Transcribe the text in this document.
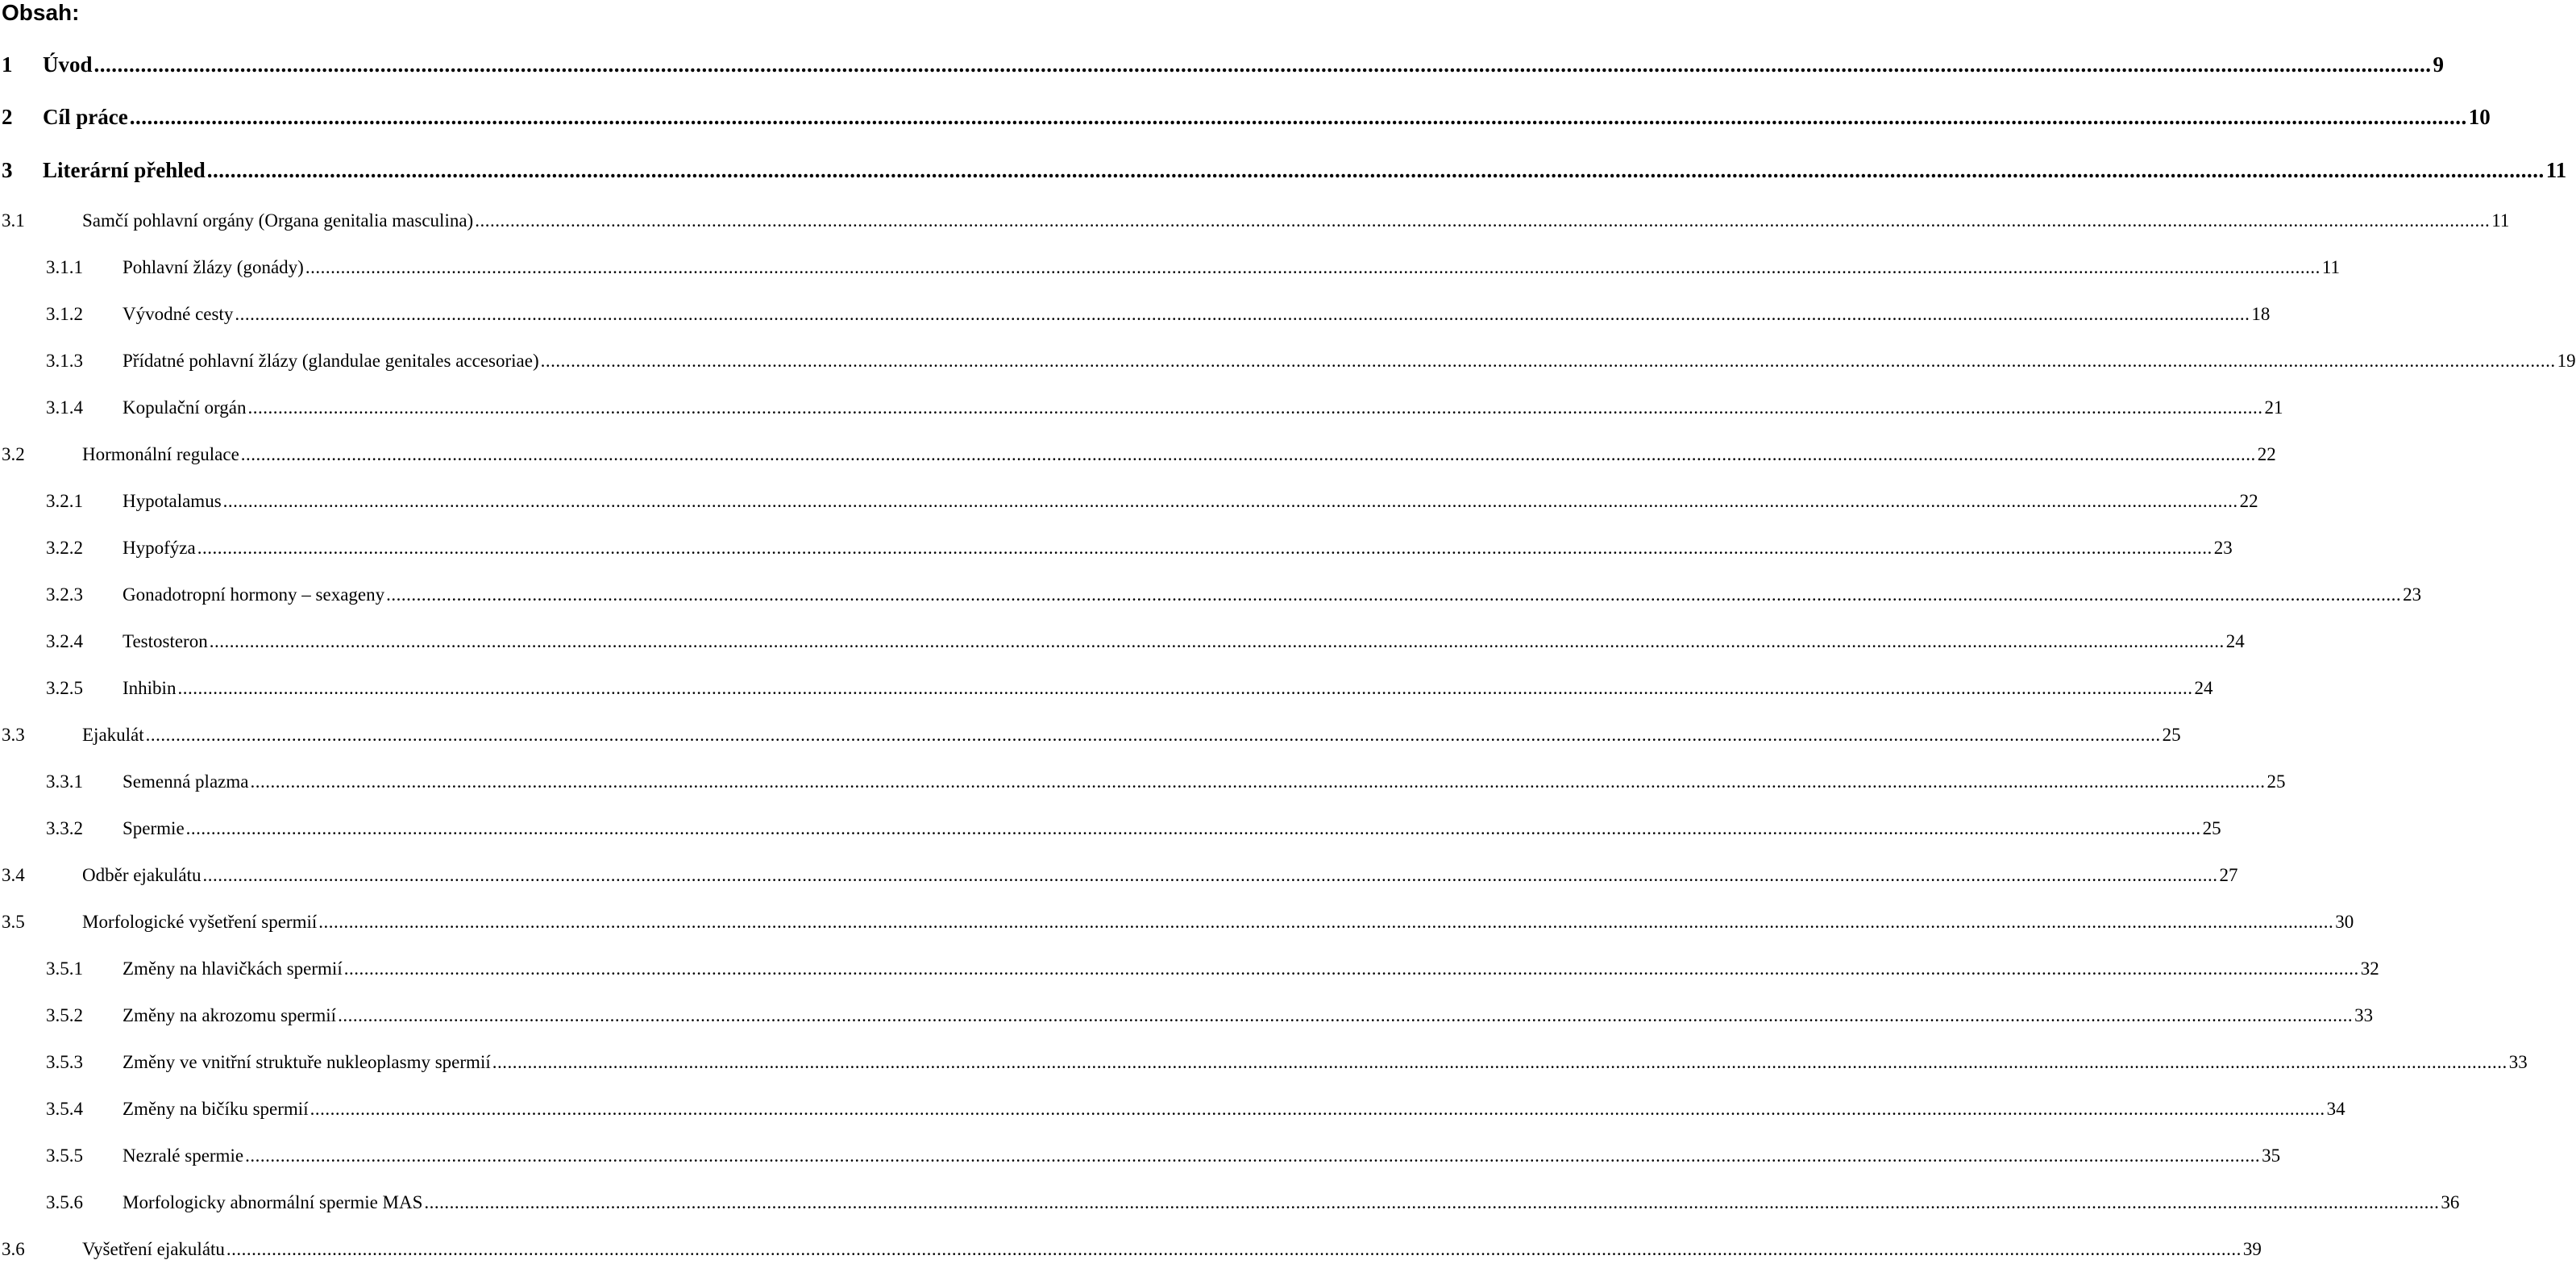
Obsah:
1 Úvod ................................................................................................................................................................................................................................................................................................................................................................................................................ 9
2 Cíl práce ................................................................................................................................................................................................................................................................................................................................................................................................................ 10
3 Literární přehled ................................................................................................................................................................................................................................................................................................................................................................................................................ 11
3.1	Samčí pohlavní orgány (Organa genitalia masculina) ................................................................................................................................................................................................................................................................................................................................................................................................................ 11
3.1.1 Pohlavní žlázy (gonády) ................................................................................................................................................................................................................................................................................................................................................................................................................ 11
3.1.2 Vývodné cesty ................................................................................................................................................................................................................................................................................................................................................................................................................ 18
3.1.3 Přídatné pohlavní žlázy (glandulae genitales accesoriae) ................................................................................................................................................................................................................................................................................................................................................................................................................ 19
3.1.4 Kopulační orgán ................................................................................................................................................................................................................................................................................................................................................................................................................ 21
3.2	Hormonální regulace ................................................................................................................................................................................................................................................................................................................................................................................................................ 22
3.2.1 Hypotalamus ................................................................................................................................................................................................................................................................................................................................................................................................................ 22
3.2.2 Hypofýza ................................................................................................................................................................................................................................................................................................................................................................................................................ 23
3.2.3 Gonadotropní hormony – sexageny ................................................................................................................................................................................................................................................................................................................................................................................................................ 23
3.2.4 Testosteron ................................................................................................................................................................................................................................................................................................................................................................................................................ 24
3.2.5 Inhibin ................................................................................................................................................................................................................................................................................................................................................................................................................ 24
3.3	Ejakulát ................................................................................................................................................................................................................................................................................................................................................................................................................ 25
3.3.1 Semenná plazma ................................................................................................................................................................................................................................................................................................................................................................................................................ 25
3.3.2 Spermie ................................................................................................................................................................................................................................................................................................................................................................................................................ 25
3.4	Odběr ejakulátu ................................................................................................................................................................................................................................................................................................................................................................................................................ 27
3.5	Morfologické vyšetření spermií ................................................................................................................................................................................................................................................................................................................................................................................................................ 30
3.5.1 Změny na hlavičkách spermií ................................................................................................................................................................................................................................................................................................................................................................................................................ 32
3.5.2 Změny na akrozomu spermií ................................................................................................................................................................................................................................................................................................................................................................................................................ 33
3.5.3 Změny ve vnitřní struktuře nukleoplasmy spermií ................................................................................................................................................................................................................................................................................................................................................................................................................ 33
3.5.4 Změny na bičíku spermií ................................................................................................................................................................................................................................................................................................................................................................................................................ 34
3.5.5 Nezralé spermie ................................................................................................................................................................................................................................................................................................................................................................................................................ 35
3.5.6 Morfologicky abnormální spermie MAS ................................................................................................................................................................................................................................................................................................................................................................................................................ 36
3.6	Vyšetření ejakulátu ................................................................................................................................................................................................................................................................................................................................................................................................................ 39
